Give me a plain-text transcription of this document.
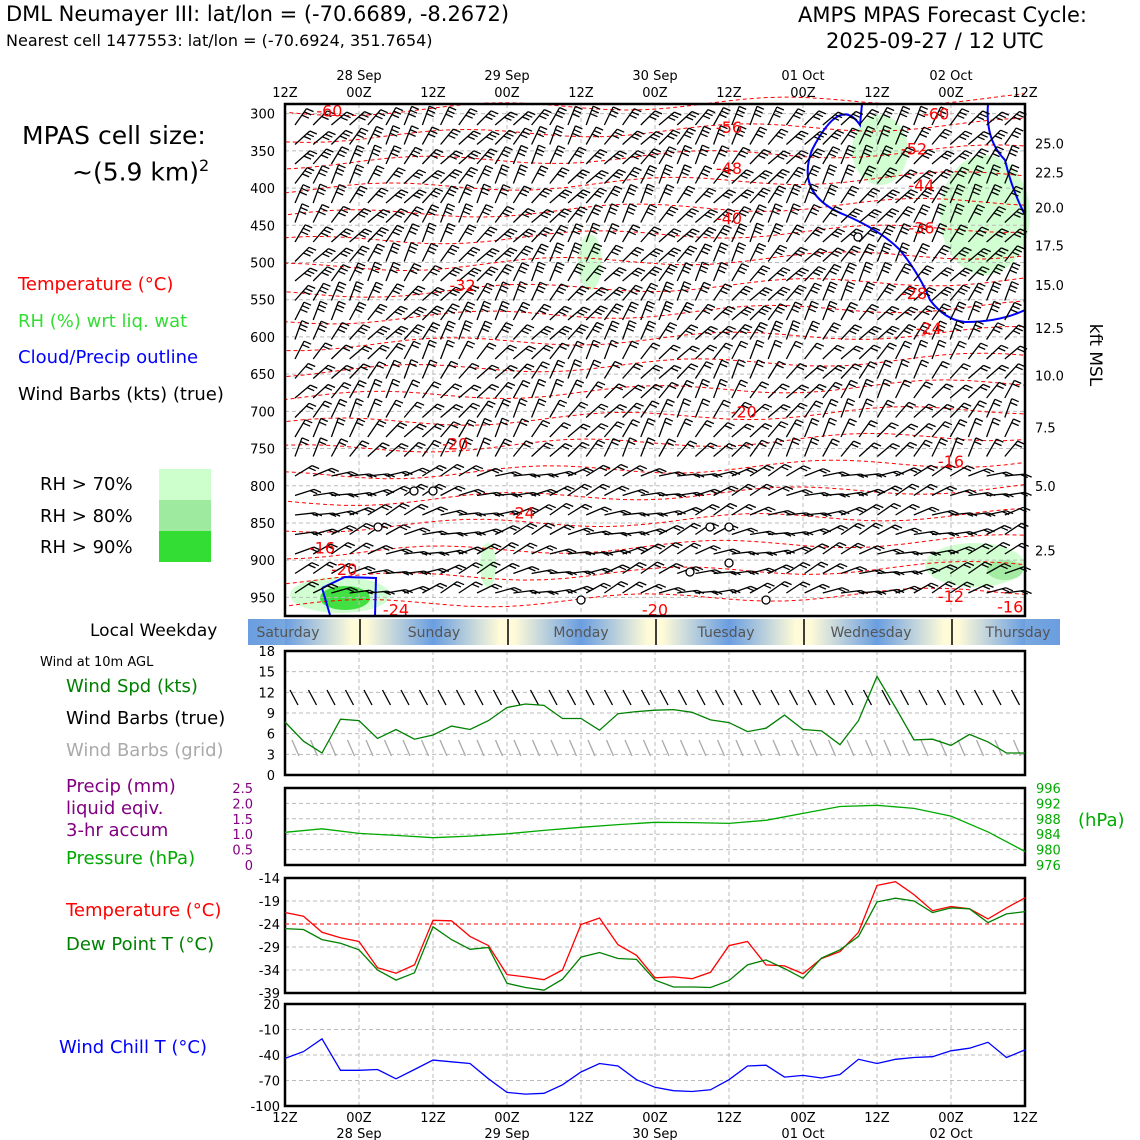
DML Neumayer III: lat/lon = (-70.6689, -8.2672)
Nearest cell 1477553: lat/lon = (-70.6924, 351.7654)
AMPS MPAS Forecast Cycle:
2025-09-27 / 12 UTC
MPAS cell size:
~(5.9 km)$^2$
Temperature (°C)
RH (%) wrt liq. wat
Cloud/Precip outline
Wind Barbs (kts) (true)
RH > 70%
RH > 80%
RH > 90%
Local Weekday
Wind at 10m AGL
Wind Spd (kts)
Wind Barbs (true)
Wind Barbs (grid)
Precip (mm)
liquid eqiv.
3-hr accum
Pressure (hPa)
Temperature (°C)
Dew Point T (°C)
Wind Chill T (°C)
-60
-56
-60
-52
-48
-44
-40
-36
-32	-28
-24
-20
-20
-16
-24
-16
-20
-24	-20
-12
-16
300
350
400
450
500
550
600
650
700
750
800
850
900
950
25.0
22.5
20.0
17.5
15.0
12.5
10.0
7.5
5.0
2.5
kft MSL
12Z	00Z	12Z	00Z	12Z	00Z	12Z	00Z	12Z	00Z	12Z
28 Sep	29 Sep	30 Sep	01 Oct	02 Oct
Saturday	Sunday	Monday	Tuesday	Wednesday	Thursday
0
3
6
9
12
15
18
0
0.5
1.0
1.5
2.0
2.5
976
980
984
988
992
996
(hPa)
-14
-19
-24
-29
-34
-39
20
-10
-40
-70
-100
12Z	00Z	12Z	00Z	12Z	00Z	12Z	00Z	12Z	00Z	12Z
28 Sep	29 Sep	30 Sep	01 Oct	02 Oct
